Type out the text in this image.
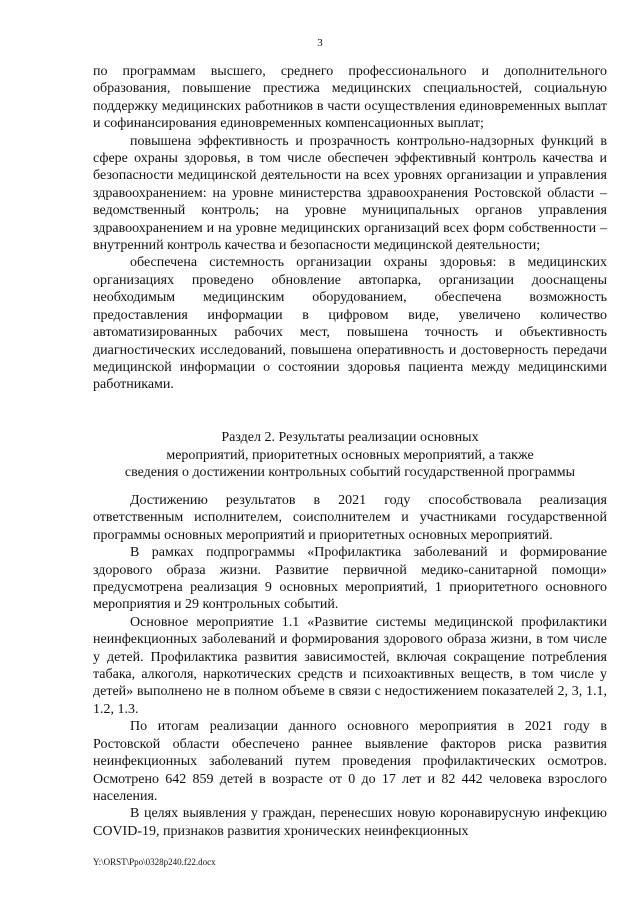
3

по программам высшего, среднего профессионального и дополнительного образования, повышение престижа медицинских специальностей, социальную поддержку медицинских работников в части осуществления единовременных выплат и софинансирования единовременных компенсационных выплат;

повышена эффективность и прозрачность контрольно-надзорных функций в сфере охраны здоровья, в том числе обеспечен эффективный контроль качества и безопасности медицинской деятельности на всех уровнях организации и управления здравоохранением: на уровне министерства здравоохранения Ростовской области – ведомственный контроль; на уровне муниципальных органов управления здравоохранением и на уровне медицинских организаций всех форм собственности – внутренний контроль качества и безопасности медицинской деятельности;

обеспечена системность организации охраны здоровья: в медицинских организациях проведено обновление автопарка, организации дооснащены необходимым медицинским оборудованием, обеспечена возможность предоставления информации в цифровом виде, увеличено количество автоматизированных рабочих мест, повышена точность и объективность диагностических исследований, повышена оперативность и достоверность передачи медицинской информации о состоянии здоровья пациента между медицинскими работниками.

Раздел 2. Результаты реализации основных
мероприятий, приоритетных основных мероприятий, а также
сведения о достижении контрольных событий государственной программы

Достижению результатов в 2021 году способствовала реализация ответственным исполнителем, соисполнителем и участниками государственной программы основных мероприятий и приоритетных основных мероприятий.

В рамках подпрограммы «Профилактика заболеваний и формирование здорового образа жизни. Развитие первичной медико-санитарной помощи» предусмотрена реализация 9 основных мероприятий, 1 приоритетного основного мероприятия и 29 контрольных событий.

Основное мероприятие 1.1 «Развитие системы медицинской профилактики неинфекционных заболеваний и формирования здорового образа жизни, в том числе у детей. Профилактика развития зависимостей, включая сокращение потребления табака, алкоголя, наркотических средств и психоактивных веществ, в том числе у детей» выполнено не в полном объеме в связи с недостижением показателей 2, 3, 1.1, 1.2, 1.3.

По итогам реализации данного основного мероприятия в 2021 году в Ростовской области обеспечено раннее выявление факторов риска развития неинфекционных заболеваний путем проведения профилактических осмотров. Осмотрено 642 859 детей в возрасте от 0 до 17 лет и 82 442 человека взрослого населения.

В целях выявления у граждан, перенесших новую коронавирусную инфекцию COVID-19, признаков развития хронических неинфекционных

Y:\ORST\Ppo\0328p240.f22.docx
